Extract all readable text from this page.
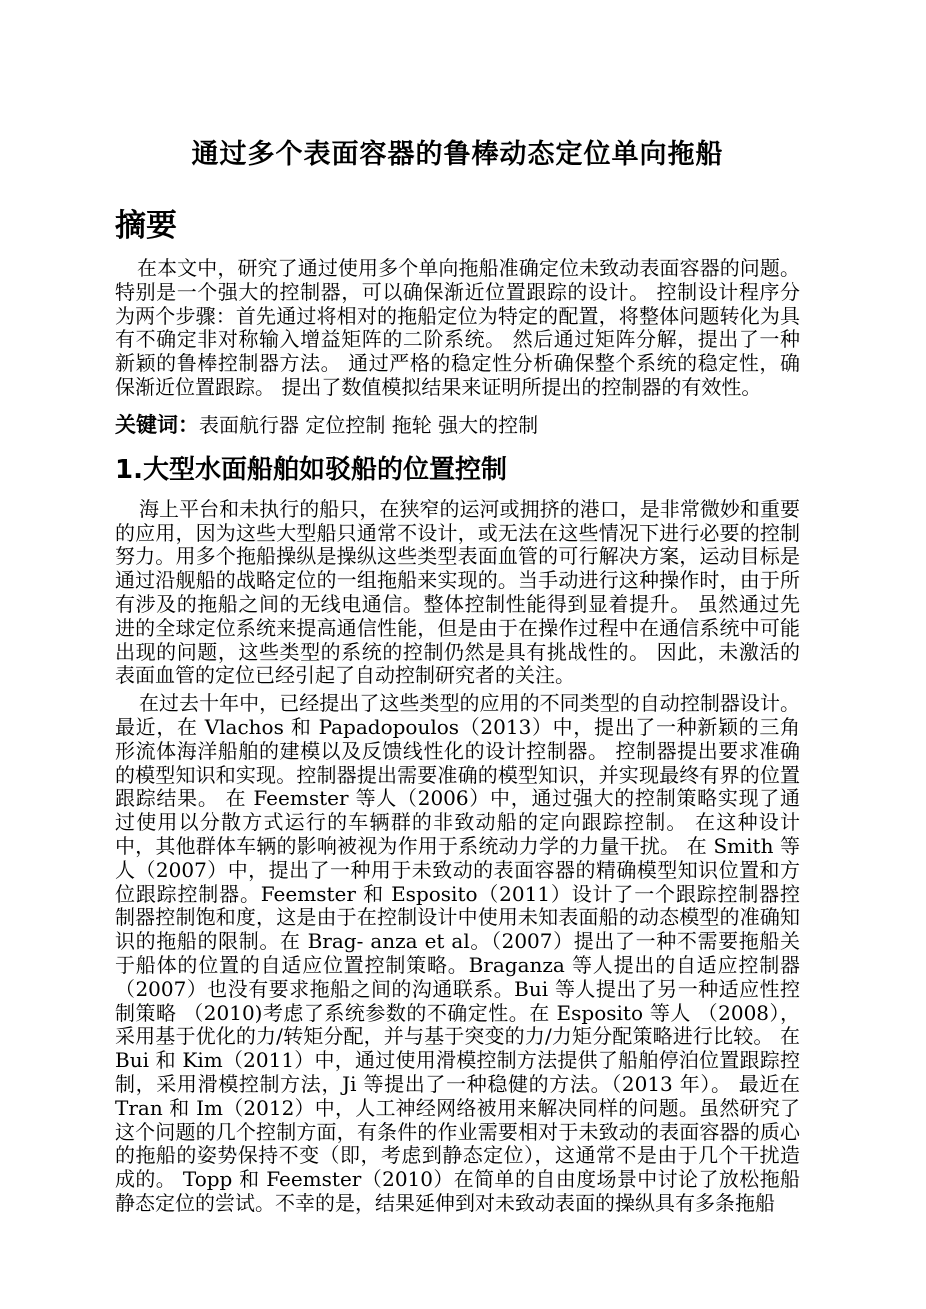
通过多个表面容器的鲁棒动态定位单向拖船
摘要

在本文中，研究了通过使用多个单向拖船准确定位未致动表面容器的问题。特别是一个强大的控制器，可以确保渐近位置跟踪的设计。 控制设计程序分为两个步骤：首先通过将相对的拖船定位为特定的配置，将整体问题转化为具有不确定非对称输入增益矩阵的二阶系统。 然后通过矩阵分解，提出了一种新颖的鲁棒控制器方法。 通过严格的稳定性分析确保整个系统的稳定性，确保渐近位置跟踪。 提出了数值模拟结果来证明所提出的控制器的有效性。

关键词：表面航行器 定位控制 拖轮 强大的控制

1.大型水面船舶如驳船的位置控制

海上平台和未执行的船只，在狭窄的运河或拥挤的港口，是非常微妙和重要的应用，因为这些大型船只通常不设计，或无法在这些情况下进行必要的控制努力。用多个拖船操纵是操纵这些类型表面血管的可行解决方案，运动目标是通过沿舰船的战略定位的一组拖船来实现的。当手动进行这种操作时，由于所有涉及的拖船之间的无线电通信。整体控制性能得到显着提升。 虽然通过先进的全球定位系统来提高通信性能，但是由于在操作过程中在通信系统中可能出现的问题，这些类型的系统的控制仍然是具有挑战性的。 因此，未激活的表面血管的定位已经引起了自动控制研究者的关注。

在过去十年中，已经提出了这些类型的应用的不同类型的自动控制器设计。最近，在 Vlachos 和 Papadopoulos（2013）中，提出了一种新颖的三角形流体海洋船舶的建模以及反馈线性化的设计控制器。 控制器提出要求准确的模型知识和实现。控制器提出需要准确的模型知识，并实现最终有界的位置跟踪结果。 在 Feemster 等人（2006）中，通过强大的控制策略实现了通过使用以分散方式运行的车辆群的非致动船的定向跟踪控制。 在这种设计中，其他群体车辆的影响被视为作用于系统动力学的力量干扰。 在 Smith 等人（2007）中，提出了一种用于未致动的表面容器的精确模型知识位置和方位跟踪控制器。Feemster 和 Esposito（2011）设计了一个跟踪控制器控制器控制饱和度，这是由于在控制设计中使用未知表面船的动态模型的准确知识的拖船的限制。在 Brag- anza et al。（2007）提出了一种不需要拖船关于船体的位置的自适应位置控制策略。Braganza 等人提出的自适应控制器 （2007）也没有要求拖船之间的沟通联系。Bui 等人提出了另一种适应性控制策略 （2010)考虑了系统参数的不确定性。在 Esposito 等人 （2008），采用基于优化的力/转矩分配，并与基于突变的力/力矩分配策略进行比较。 在 Bui 和 Kim（2011）中，通过使用滑模控制方法提供了船舶停泊位置跟踪控制，采用滑模控制方法，Ji 等提出了一种稳健的方法。（2013 年）。 最近在 Tran 和 Im（2012）中，人工神经网络被用来解决同样的问题。虽然研究了这个问题的几个控制方面，有条件的作业需要相对于未致动的表面容器的质心的拖船的姿势保持不变（即，考虑到静态定位），这通常不是由于几个干扰造成的。 Topp 和 Feemster（2010）在简单的自由度场景中讨论了放松拖船静态定位的尝试。不幸的是，结果延伸到对未致动表面的操纵具有多条拖船
